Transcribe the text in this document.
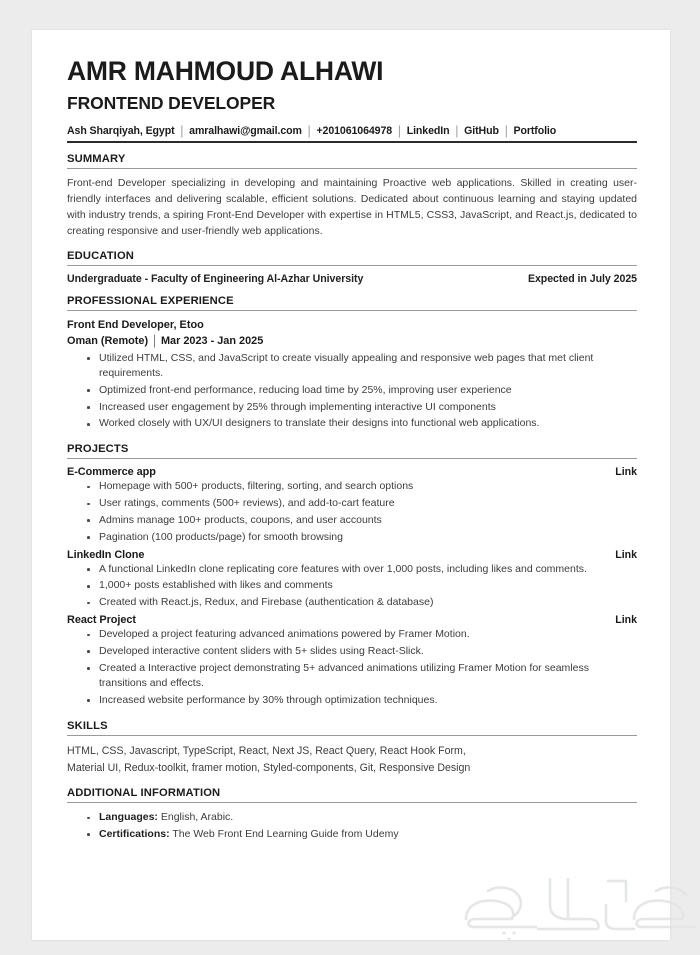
AMR MAHMOUD ALHAWI
FRONTEND DEVELOPER
Ash Sharqiyah, Egypt | amralhawi@gmail.com | +201061064978 | LinkedIn | GitHub | Portfolio
SUMMARY

Front-end Developer specializing in developing and maintaining Proactive web applications. Skilled in creating user-friendly interfaces and delivering scalable, efficient solutions. Dedicated about continuous learning and staying updated with industry trends, a spiring Front-End Developer with expertise in HTML5, CSS3, JavaScript, and React.js, dedicated to creating responsive and user-friendly web applications.

EDUCATION
Undergraduate - Faculty of Engineering Al-Azhar University	Expected in July 2025
PROFESSIONAL EXPERIENCE

Front End Developer, Etoo

Oman (Remote) | Mar 2023 - Jan 2025

Utilized HTML, CSS, and JavaScript to create visually appealing and responsive web pages that met client requirements.
Optimized front-end performance, reducing load time by 25%, improving user experience
Increased user engagement by 25% through implementing interactive UI components
Worked closely with UX/UI designers to translate their designs into functional web applications.
PROJECTS
E-Commerce app	Link
Homepage with 500+ products, filtering, sorting, and search options
User ratings, comments (500+ reviews), and add-to-cart feature
Admins manage 100+ products, coupons, and user accounts
Pagination (100 products/page) for smooth browsing
LinkedIn Clone	Link
A functional LinkedIn clone replicating core features with over 1,000 posts, including likes and comments.
1,000+ posts established with likes and comments
Created with React.js, Redux, and Firebase (authentication & database)
React Project	Link
Developed a project featuring advanced animations powered by Framer Motion.
Developed interactive content sliders with 5+ slides using React-Slick.
Created a Interactive project demonstrating 5+ advanced animations utilizing Framer Motion for seamless transitions and effects.
Increased website performance by 30% through optimization techniques.
SKILLS

HTML, CSS, Javascript, TypeScript, React, Next JS, React Query, React Hook Form,

Material UI, Redux-toolkit, framer motion, Styled-components, Git, Responsive Design

ADDITIONAL INFORMATION
Languages: English, Arabic.
Certifications: The Web Front End Learning Guide from Udemy
